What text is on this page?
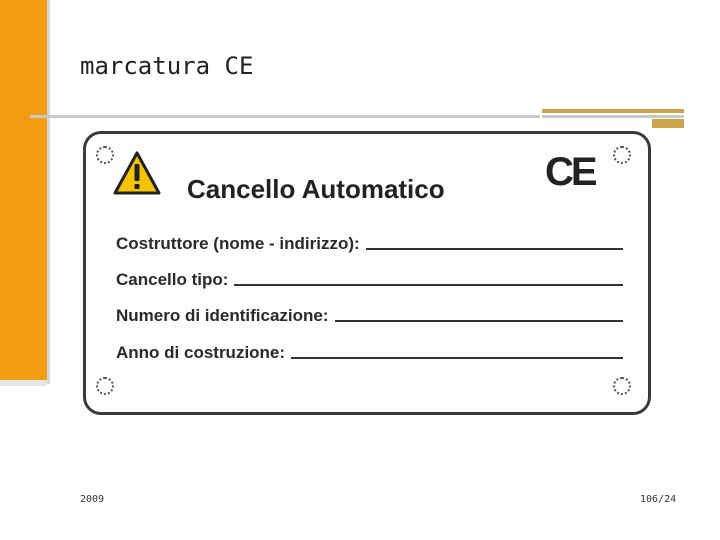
marcatura CE
Cancello Automatico	CE
Costruttore (nome - indirizzo):
Cancello tipo:
Numero di identificazione:
Anno di costruzione:
2009	106/24
